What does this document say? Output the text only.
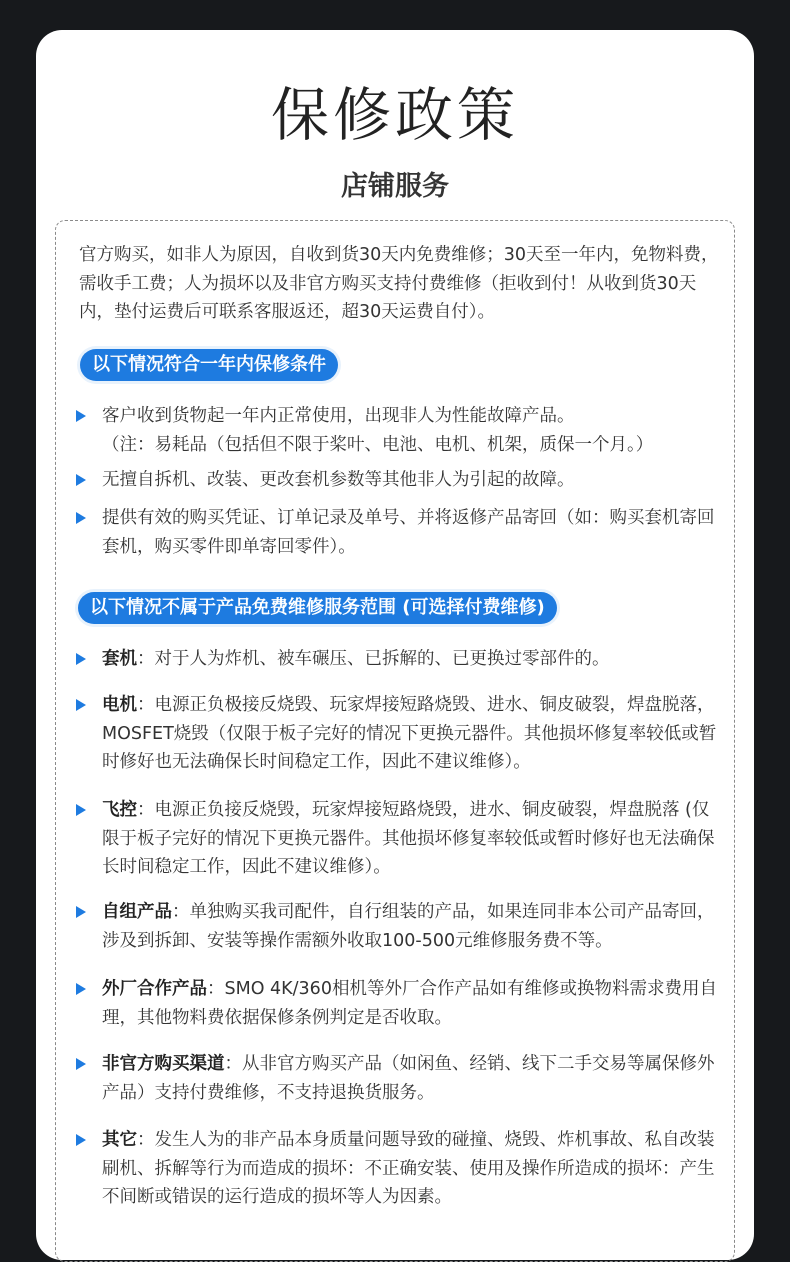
保修政策
店铺服务
官方购买，如非人为原因，自收到货30天内免费维修；30天至一年内，免物料费，需收手工费；人为损坏以及非官方购买支持付费维修（拒收到付！从收到货30天内，垫付运费后可联系客服返还，超30天运费自付）。
以下情况符合一年内保修条件
客户收到货物起一年内正常使用，出现非人为性能故障产品。
（注：易耗品（包括但不限于桨叶、电池、电机、机架，质保一个月。）
无擅自拆机、改装、更改套机参数等其他非人为引起的故障。
提供有效的购买凭证、订单记录及单号、并将返修产品寄回（如：购买套机寄回套机，购买零件即单寄回零件）。
以下情况不属于产品免费维修服务范围 (可选择付费维修)
套机：对于人为炸机、被车碾压、已拆解的、已更换过零部件的。
电机：电源正负极接反烧毁、玩家焊接短路烧毁、进水、铜皮破裂，焊盘脱落，MOSFET烧毁（仅限于板子完好的情况下更换元器件。其他损坏修复率较低或暂时修好也无法确保长时间稳定工作，因此不建议维修）。
飞控：电源正负接反烧毁，玩家焊接短路烧毁，进水、铜皮破裂，焊盘脱落 (仅限于板子完好的情况下更换元器件。其他损坏修复率较低或暂时修好也无法确保长时间稳定工作，因此不建议维修）。
自组产品：单独购买我司配件，自行组装的产品，如果连同非本公司产品寄回，涉及到拆卸、安装等操作需额外收取100-500元维修服务费不等。
外厂合作产品：SMO 4K/360相机等外厂合作产品如有维修或换物料需求费用自理，其他物料费依据保修条例判定是否收取。
非官方购买渠道：从非官方购买产品（如闲鱼、经销、线下二手交易等属保修外产品）支持付费维修，不支持退换货服务。
其它：发生人为的非产品本身质量问题导致的碰撞、烧毁、炸机事故、私自改装刷机、拆解等行为而造成的损坏：不正确安装、使用及操作所造成的损坏：产生不间断或错误的运行造成的损坏等人为因素。
